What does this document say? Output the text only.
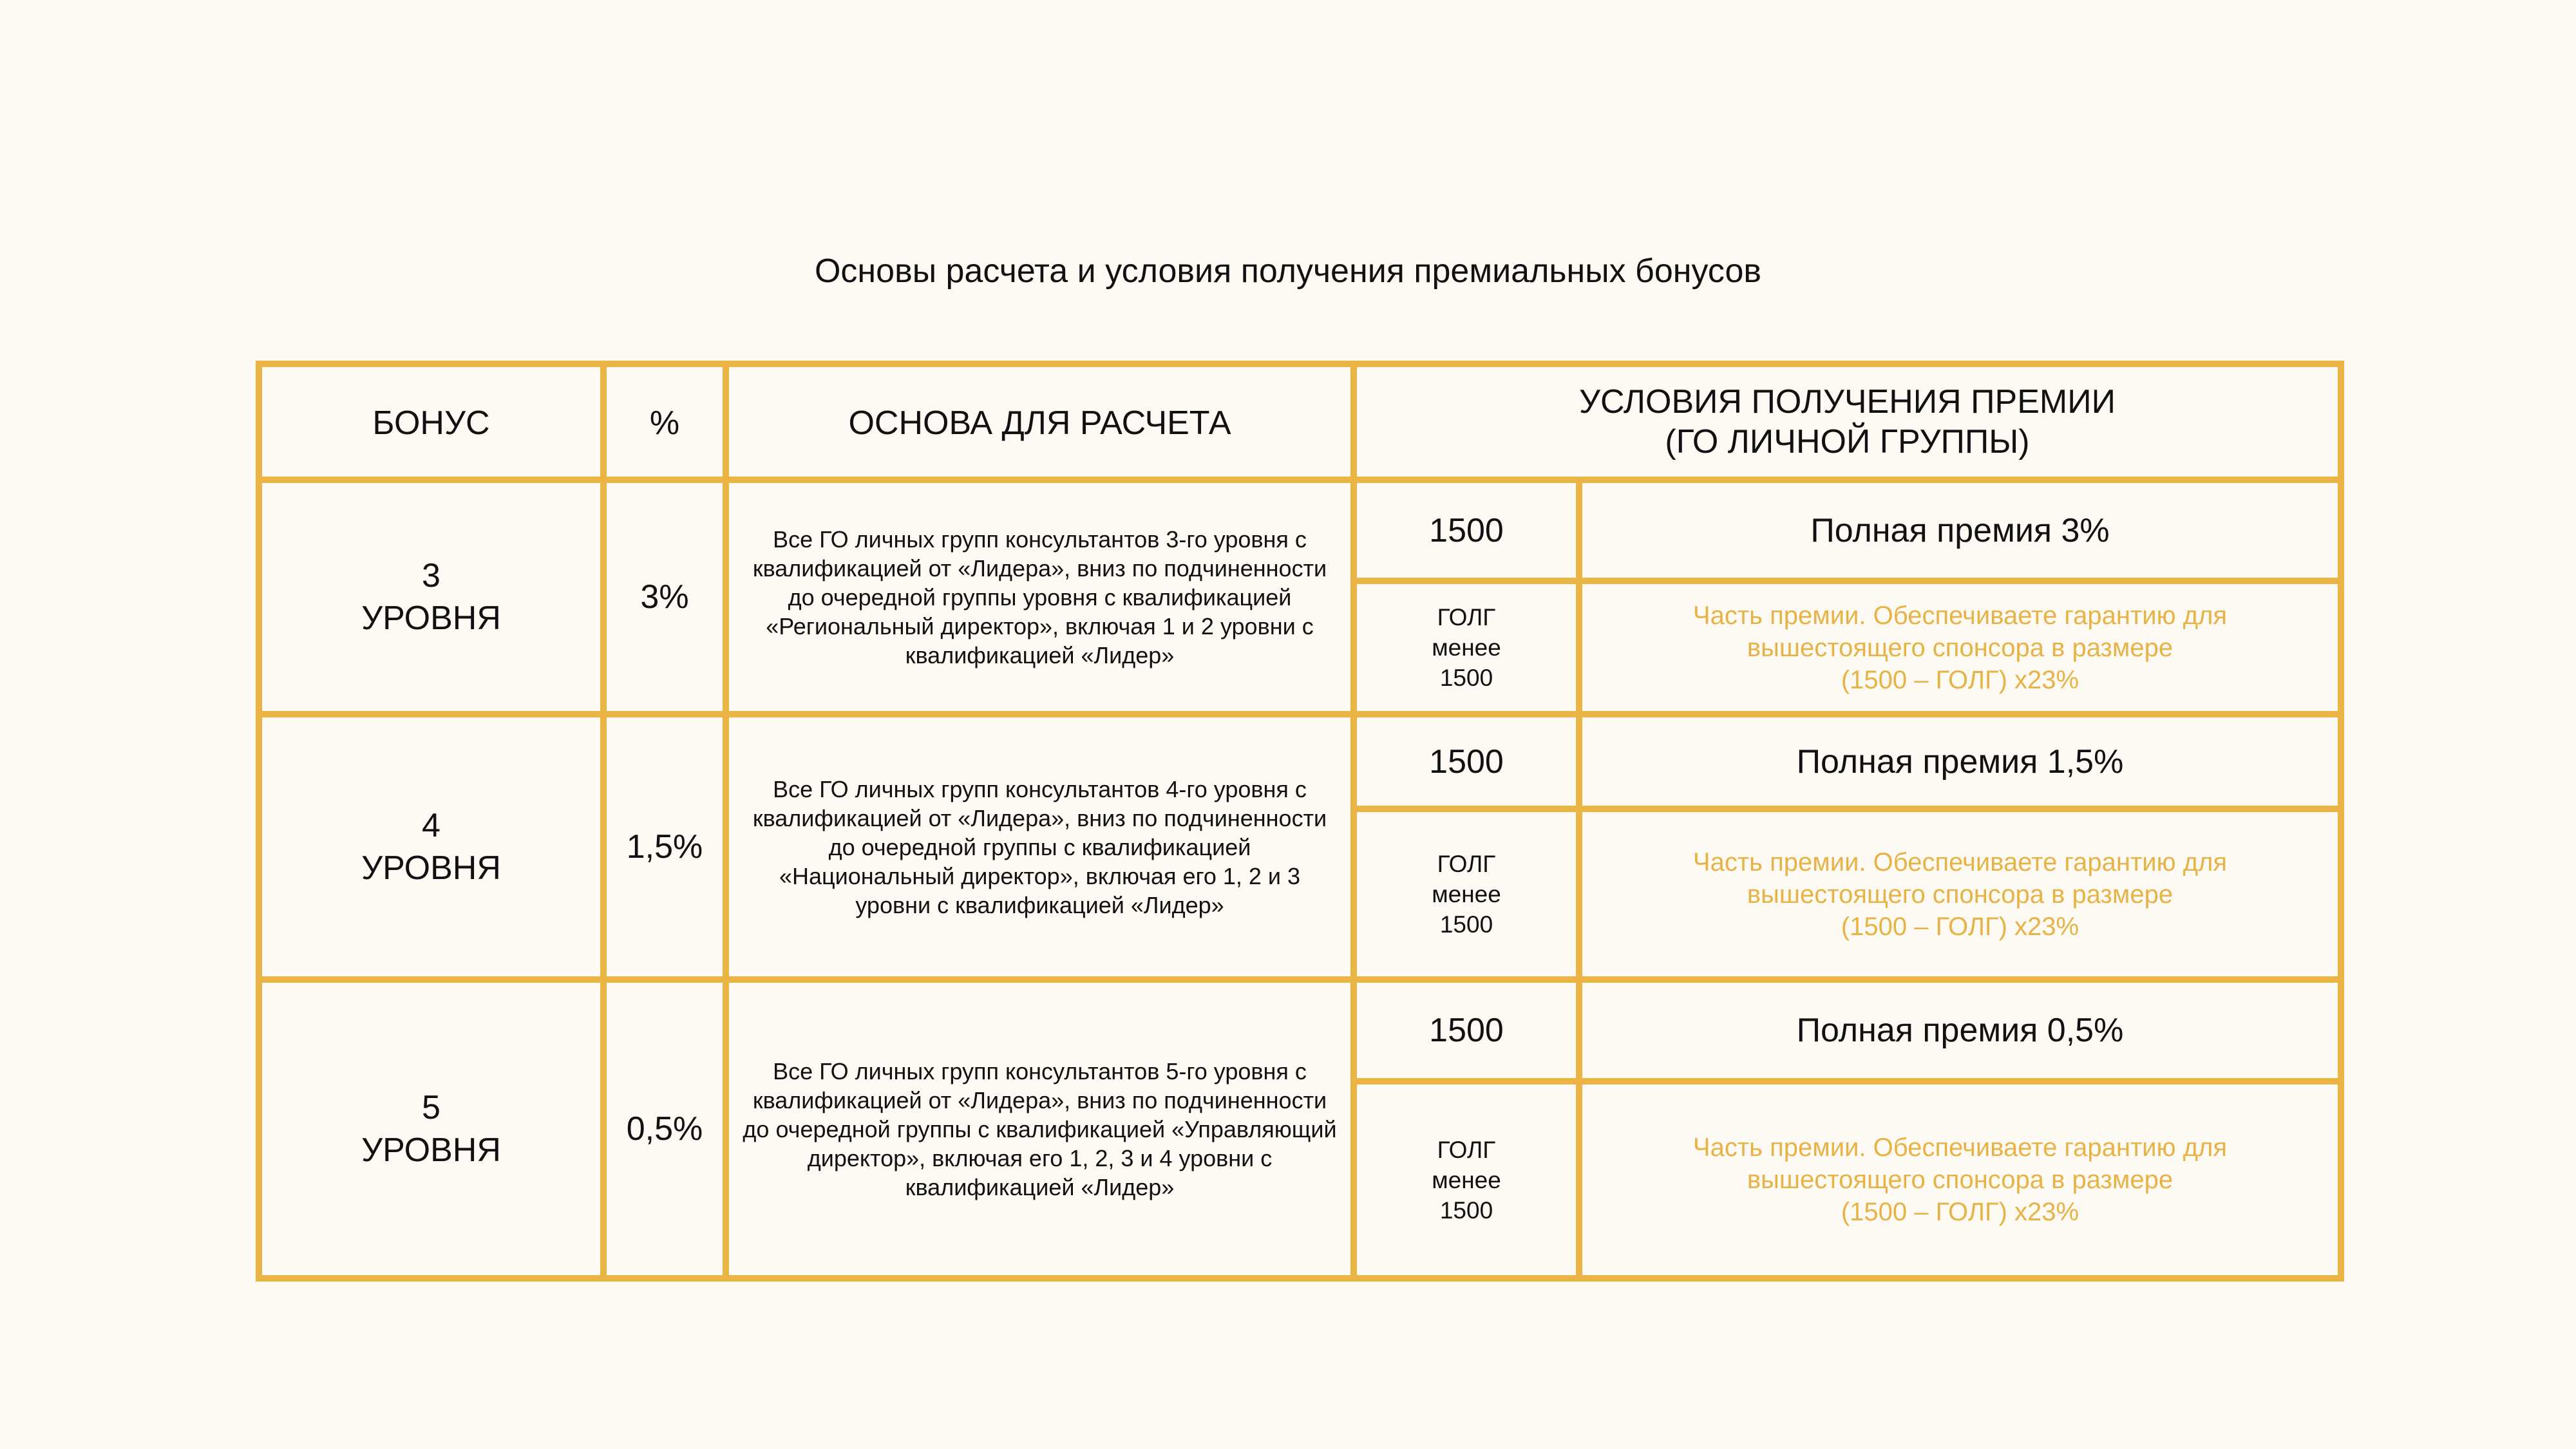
Основы расчета и условия получения премиальных бонусов
БОНУС	%	ОСНОВА ДЛЯ РАСЧЕТА	УСЛОВИЯ ПОЛУЧЕНИЯ ПРЕМИИ
(ГО ЛИЧНОЙ ГРУППЫ)	

3
УРОВНЯ	3%	Все ГО личных групп консультантов 3-го уровня с квалификацией от «Лидера», вниз по подчиненности до очередной группы уровня с квалификацией «Региональный директор», включая 1 и 2 уровни с квалификацией «Лидер»	1500	Полная премия 3%

			ГОЛГ
менее
1500	Часть премии. Обеспечиваете гарантию для
вышестоящего спонсора в размере
(1500 – ГОЛГ) х23%

4
УРОВНЯ	1,5%	Все ГО личных групп консультантов 4-го уровня с квалификацией от «Лидера», вниз по подчиненности до очередной группы с квалификацией «Национальный директор», включая его 1, 2 и 3 уровни с квалификацией «Лидер»	1500	Полная премия 1,5%

			ГОЛГ
менее
1500	Часть премии. Обеспечиваете гарантию для
вышестоящего спонсора в размере
(1500 – ГОЛГ) х23%

5
УРОВНЯ	0,5%	Все ГО личных групп консультантов 5-го уровня с квалификацией от «Лидера», вниз по подчиненности до очередной группы с квалификацией «Управляющий директор», включая его 1, 2, 3 и 4 уровни с квалификацией «Лидер»	1500	Полная премия 0,5%

			ГОЛГ
менее
1500	Часть премии. Обеспечиваете гарантию для
вышестоящего спонсора в размере
(1500 – ГОЛГ) х23%
